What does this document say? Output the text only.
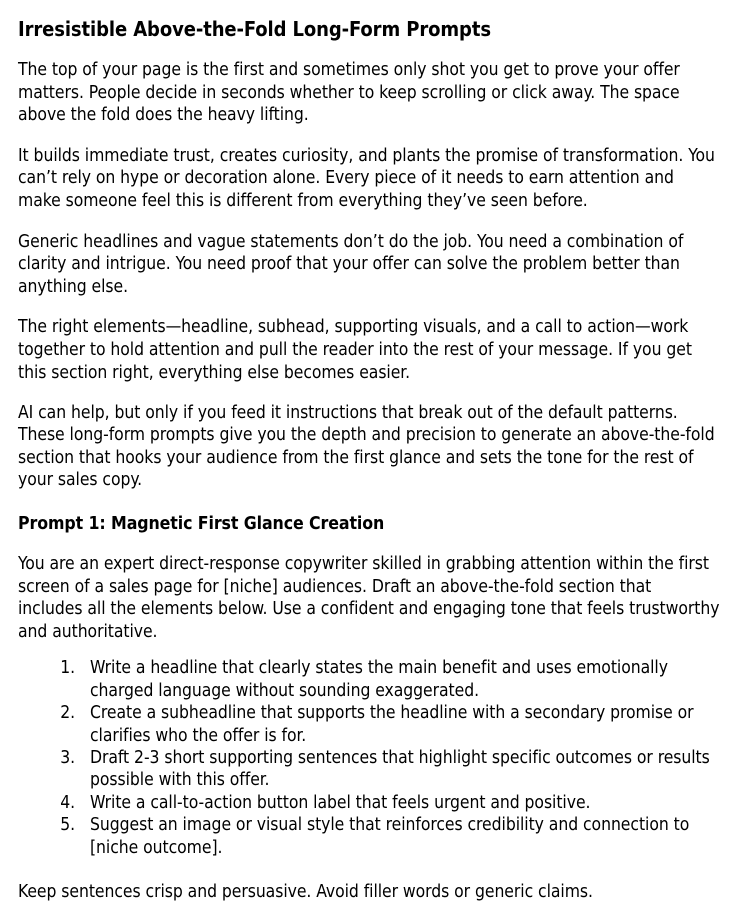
Irresistible Above-the-Fold Long-Form Prompts

The top of your page is the first and sometimes only shot you get to prove your offer matters. People decide in seconds whether to keep scrolling or click away. The space above the fold does the heavy lifting.

It builds immediate trust, creates curiosity, and plants the promise of transformation. You can’t rely on hype or decoration alone. Every piece of it needs to earn attention and make someone feel this is different from everything they’ve seen before.

Generic headlines and vague statements don’t do the job. You need a combination of clarity and intrigue. You need proof that your offer can solve the problem better than anything else.

The right elements—headline, subhead, supporting visuals, and a call to action—work together to hold attention and pull the reader into the rest of your message. If you get this section right, everything else becomes easier.

AI can help, but only if you feed it instructions that break out of the default patterns. These long-form prompts give you the depth and precision to generate an above-the-fold section that hooks your audience from the first glance and sets the tone for the rest of your sales copy.

Prompt 1: Magnetic First Glance Creation

You are an expert direct-response copywriter skilled in grabbing attention within the first screen of a sales page for [niche] audiences. Draft an above-the-fold section that includes all the elements below. Use a confident and engaging tone that feels trustworthy and authoritative.

1. Write a headline that clearly states the main benefit and uses emotionally charged language without sounding exaggerated.
2. Create a subheadline that supports the headline with a secondary promise or clarifies who the offer is for.
3. Draft 2-3 short supporting sentences that highlight specific outcomes or results possible with this offer.
4. Write a call-to-action button label that feels urgent and positive.
5. Suggest an image or visual style that reinforces credibility and connection to [niche outcome].

Keep sentences crisp and persuasive. Avoid filler words or generic claims.
